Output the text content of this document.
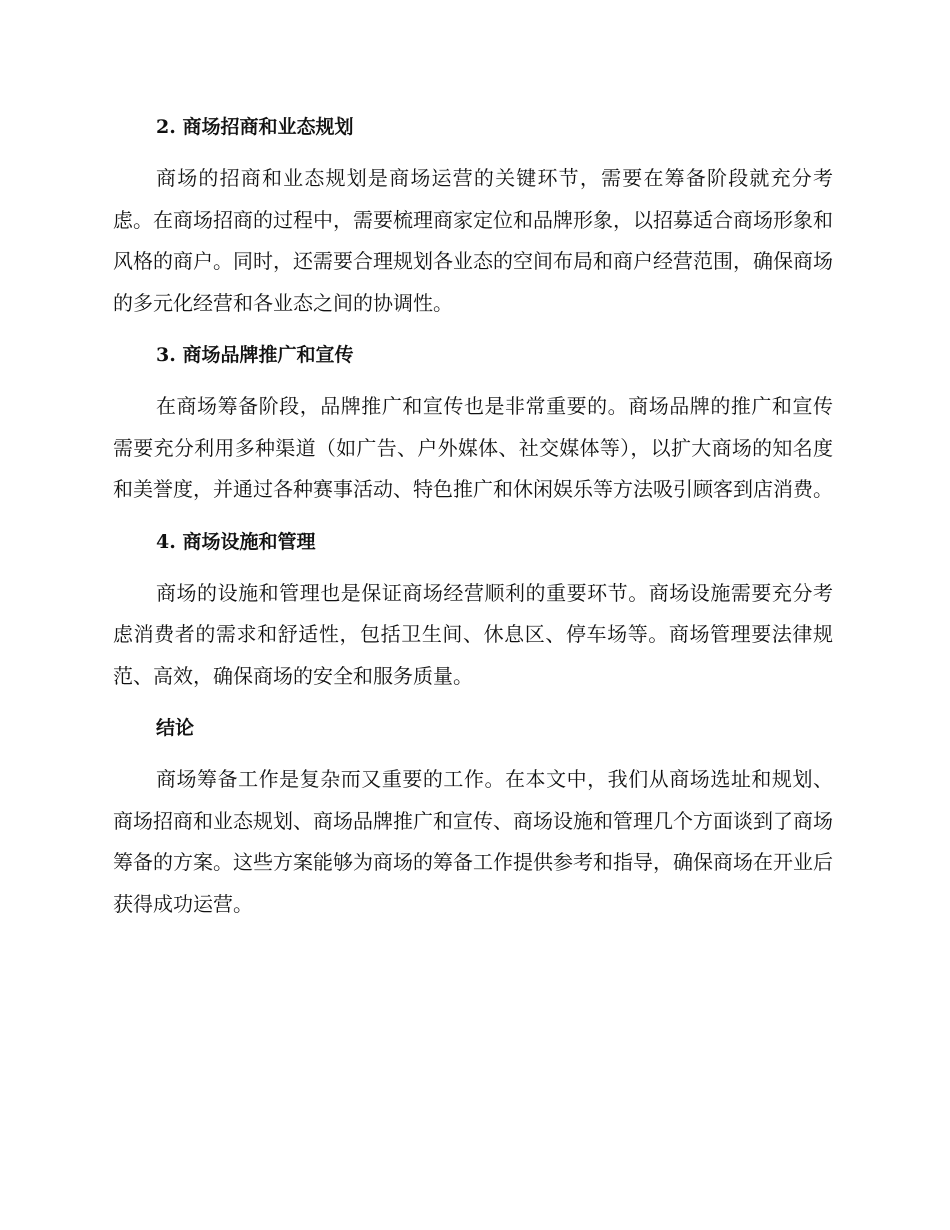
2. 商场招商和业态规划

商场的招商和业态规划是商场运营的关键环节，需要在筹备阶段就充分考虑。在商场招商的过程中，需要梳理商家定位和品牌形象，以招募适合商场形象和风格的商户。同时，还需要合理规划各业态的空间布局和商户经营范围，确保商场的多元化经营和各业态之间的协调性。

3. 商场品牌推广和宣传

在商场筹备阶段，品牌推广和宣传也是非常重要的。商场品牌的推广和宣传需要充分利用多种渠道（如广告、户外媒体、社交媒体等），以扩大商场的知名度和美誉度，并通过各种赛事活动、特色推广和休闲娱乐等方法吸引顾客到店消费。

4. 商场设施和管理

商场的设施和管理也是保证商场经营顺利的重要环节。商场设施需要充分考虑消费者的需求和舒适性，包括卫生间、休息区、停车场等。商场管理要法律规范、高效，确保商场的安全和服务质量。

结论

商场筹备工作是复杂而又重要的工作。在本文中，我们从商场选址和规划、商场招商和业态规划、商场品牌推广和宣传、商场设施和管理几个方面谈到了商场筹备的方案。这些方案能够为商场的筹备工作提供参考和指导，确保商场在开业后获得成功运营。
